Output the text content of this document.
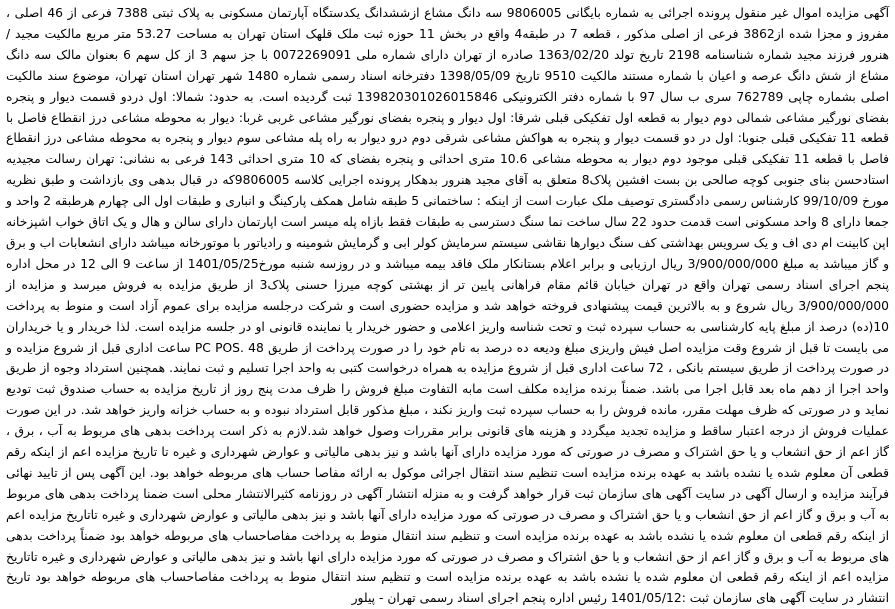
آگهی مزایده اموال غیر منقول پرونده اجرائی به شماره بایگانی 9806005 سه دانگ مشاع ازششدانگ یکدستگاه آپارتمان مسکونی به پلاک ثبتی 7388 فرعی از 46 اصلی ، مفروز و مجزا شده از3862 فرعی از اصلی مذکور ، قطعه 7 در طبقه4 واقع در بخش 11 حوزه ثبت ملک قلهک استان تهران به مساحت 53.27 متر مربع مالکیت مجید / هنرور فرزند مجید شماره شناسنامه 2198 تاریخ تولد 1363/02/20 صادره از تهران دارای شماره ملی 0072269091 با جز سهم 3 از کل سهم 6 بعنوان مالک سه دانگ مشاع از شش دانگ عرصه و اعیان با شماره مستند مالکیت 9510 تاریخ 1398/05/09 دفترخانه اسناد رسمی شماره 1480 شهر تهران استان تهران، موضوع سند مالکیت اصلی بشماره چاپی 762789 سری ب سال 97 با شماره دفتر الکترونیکی 139820301026015846 ثبت گردیده است. به حدود: شمالا: اول دردو قسمت دیوار و پنجره بفضای نورگیر مشاعی شمالی دوم دیوار به قطعه اول تفکیکی قبلی شرقا: اول دیوار و پنجره بفضای نورگیر مشاعی غربی غربا: دیوار به محوطه مشاعی درز انقطاع فاصل با قطعه 11 تفکیکی قبلی جنوبا: اول در دو قسمت دیوار و پنجره به هواکش مشاعی شرقی دوم درو دیوار به راه پله مشاعی سوم دیوار و پنجره به محوطه مشاعی درز انقطاع فاصل با قطعه 11 تفکیکی قبلی موجود دوم دیوار به محوطه مشاعی 10.6 متری احداثی و پنجره بفضای که 10 متری احداثی 143 فرعی به نشانی: تهران رسالت مجیدیه استادحسن بنای جنوبی کوچه صالحی بن بست افشین پلاک8 متعلق به آقای مجید هنرور بدهکار پرونده اجرایی کلاسه 9806005که در قبال بدهی وی بازداشت و طبق نظریه مورخ 99/10/09 کارشناس رسمی دادگستری توصیف ملک عبارت است از اینکه : ساختمانی 5 طبقه شامل همکف پارکینگ و انباری و طبقات اول الی چهارم هرطبقه 2 واحد و جمعا دارای 8 واحد مسکونی است قدمت حدود 22 سال ساخت نما سنگ دسترسی به طبقات فقط بازاه پله میسر است اپارتمان دارای سالن و هال و یک اتاق خواب اشپزخانه اپن کابینت ام دی اف و یک سرویس بهداشتی کف سنگ دیوارها نقاشی سیستم سرمایش کولر ابی و گرمایش شومینه و رادیاتور با موتورخانه میباشد دارای انشعابات اب و برق و گاز میباشد به مبلغ 3/900/000/000 ریال ارزیابی و برابر اعلام بستانکار ملک فاقد بیمه میباشد و در روزسه شنبه مورخ1401/05/25 از ساعت 9 الی 12 در محل اداره پنجم اجرای اسناد رسمی تهران واقع در تهران خیابان قائم مقام فراهانی پایین تر از بهشتی کوچه میرزا حسنی پلاک3 از طریق مزایده به فروش میرسد و مزایده از 3/900/000/000 ریال شروع و به بالاترین قیمت پیشنهادی فروخته خواهد شد و مزایده حضوری است و شرکت درجلسه مزایده برای عموم آزاد است و منوط به پرداخت 10(ده) درصد از مبلغ پایه کارشناسی به حساب سپرده ثبت و تحت شناسه واریز اعلامی و حضور خریدار یا نماینده قانونی او در جلسه مزایده است. لذا خریدار و یا خریداران می بایست تا قبل از شروع وقت مزایده اصل فیش واریزی مبلغ ودیعه ده درصد به نام خود را در صورت پرداخت از طریق 48 .PC POS ساعت اداری قبل از شروع مزایده و در صورت پرداخت از طریق سیستم بانکی ، 72 ساعت اداری قبل از شروع مزایده به همراه درخواست کتبی به واحد اجرا تسلیم و ثبت نمایند. همچنین استرداد وجوه از طریق واحد اجرا از دهم ماه بعد قابل اجرا می باشد. ضمناً برنده مزایده مکلف است مابه التفاوت مبلغ فروش را ظرف مدت پنج روز از تاریخ مزایده به حساب صندوق ثبت توديع نمايد و در صورتی که ظرف مهلت مقرر، مانده فروش را به حساب سپرده ثبت واریز نکند ، مبلغ مذکور قابل استرداد نبوده و به حساب خزانه واریز خواهد شد. در این صورت عملیات فروش از درجه اعتبار ساقط و مزایده تجدید میگردد و هزینه های قانونی برابر مقررات وصول خواهد شد.لازم به ذکر است پرداخت بدهی های مربوط به آب ، برق ، گاز اعم از حق انشعاب و یا حق اشتراک و مصرف در صورتی که مورد مزایده دارای آنها باشد و نیز بدهی مالیاتی و عوارض شهرداری و غیره تا تاریخ مزایده اعم از اینکه رقم قطعی آن معلوم شده یا نشده باشد به عهده برنده مزایده است تنظیم سند انتقال اجرائی موکول به ارائه مفاصا حساب های مربوطه خواهد بود. این آگهی پس از تایید نهائی فرآیند مزایده و ارسال آگهی در سایت آگهی های سازمان ثبت قرار خواهد گرفت و به منزله انتشار آگهی در روزنامه کثیرالانتشار محلی است ضمنا پرداخت بدهی های مربوط به آب و برق و گاز اعم از حق انشعاب و یا حق اشتراک و مصرف در صورتی که مورد مزایده دارای آنها باشد و نیز بدهی مالیاتی و عوارض شهرداری و غیره تاتاریخ مزایده اعم از اینکه رقم قطعی ان معلوم شده یا نشده باشد به عهده برنده مزایده است و تنظیم سند انتقال منوط به پرداخت مفاصاحساب های مربوطه خواهد بود ضمناً پرداخت بدهی های مربوط به آب و برق و گاز اعم از حق انشعاب و یا حق اشتراک و مصرف در صورتی که مورد مزایده دارای انها باشد و نیز بدهی مالیاتی و عوارض شهرداری و غیره تاتاریخ مزایده اعم از اینکه رقم قطعی ان معلوم شده یا نشده باشد به عهده برنده مزایده است و تنظیم سند انتقال منوط به پرداخت مفاصاحساب های مربوطه خواهد بود تاریخ انتشار در سایت آگهی های سازمان ثبت :1401/05/12 رئیس اداره پنجم اجرای اسناد رسمی تهران - پیلور
